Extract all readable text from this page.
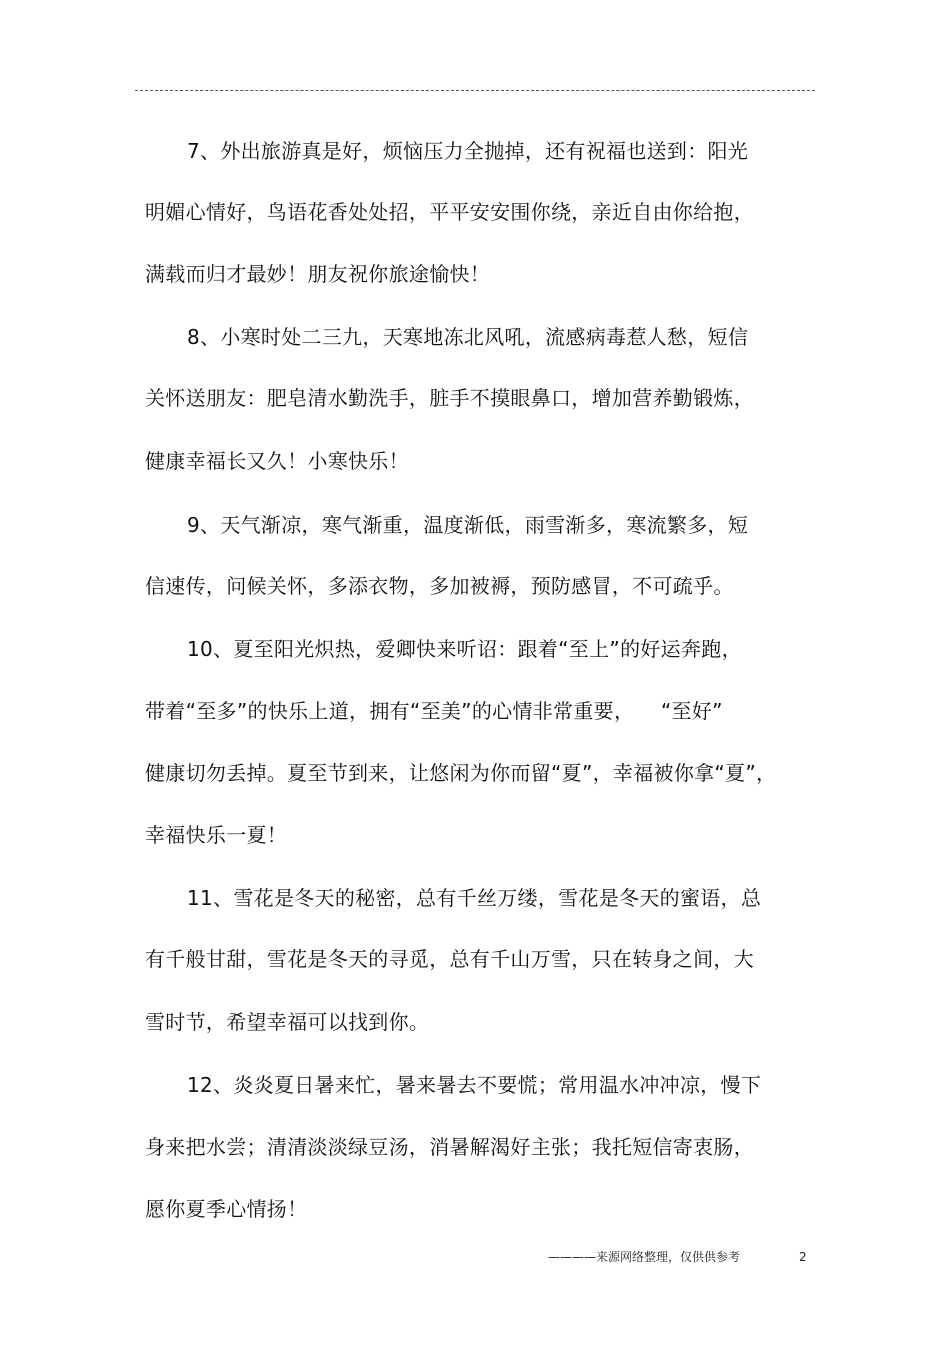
7、外出旅游真是好，烦恼压力全抛掉，还有祝福也送到：阳光
明媚心情好，鸟语花香处处招，平平安安围你绕，亲近自由你给抱，
满载而归才最妙！朋友祝你旅途愉快！
8、小寒时处二三九，天寒地冻北风吼，流感病毒惹人愁，短信
关怀送朋友：肥皂清水勤洗手，脏手不摸眼鼻口，增加营养勤锻炼，
健康幸福长又久！小寒快乐！
9、天气渐凉，寒气渐重，温度渐低，雨雪渐多，寒流繁多，短
信速传，问候关怀，多添衣物，多加被褥，预防感冒，不可疏乎。
10、夏至阳光炽热，爱卿快来听诏：跟着“至上”的好运奔跑，
带着“至多”的快乐上道，拥有“至美”的心情非常重要，    “至好”
健康切勿丢掉。夏至节到来，让悠闲为你而留“夏”，幸福被你拿“夏”，
幸福快乐一夏！
11、雪花是冬天的秘密，总有千丝万缕，雪花是冬天的蜜语，总
有千般甘甜，雪花是冬天的寻觅，总有千山万雪，只在转身之间，大
雪时节，希望幸福可以找到你。
12、炎炎夏日暑来忙，暑来暑去不要慌；常用温水冲冲凉，慢下
身来把水尝；清清淡淡绿豆汤，消暑解渴好主张；我托短信寄衷肠，
愿你夏季心情扬！
————来源网络整理，仅供供参考	2
